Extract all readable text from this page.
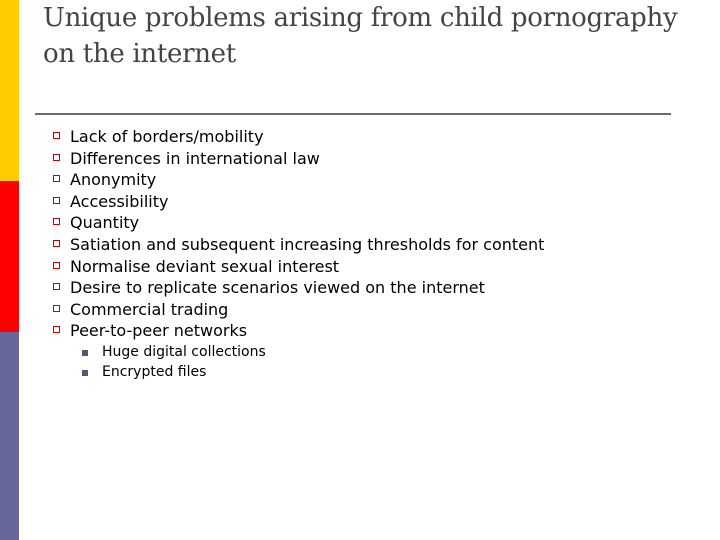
Unique problems arising from child pornography on the internet
Lack of borders/mobility
Differences in international law
Anonymity
Accessibility
Quantity
Satiation and subsequent increasing thresholds for content
Normalise deviant sexual interest
Desire to replicate scenarios viewed on the internet
Commercial trading
Peer-to-peer networks
Huge digital collections
Encrypted files
